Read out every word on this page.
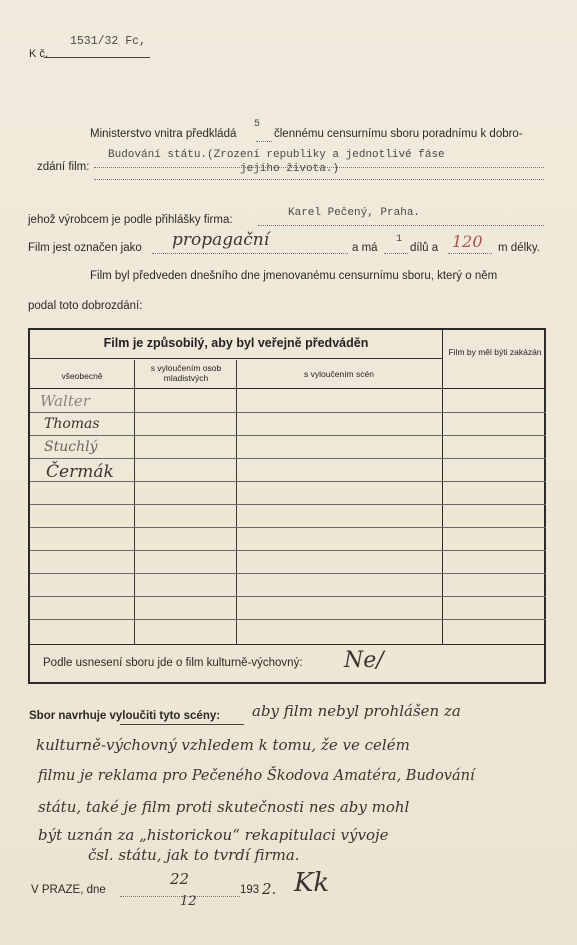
K č.
1531/32 Fc,
Ministerstvo vnitra předkládá
5
člennému censurnímu sboru poradnímu k dobro-
zdání film:
Budování státu.(Zrození republiky a jednotlivé fáse
jejího života.)
jehož výrobcem je podle přihlášky firma:
Karel Pečený, Praha.
Film jest označen jako propagační	a má
1
dílů a 120 m délky.
Film byl předveden dnešního dne jmenovanému censurnímu sboru, který o něm
podal toto dobrozdání:
Film je způsobilý, aby byl veřejně předváděn
všeobecně
s vyloučením osob mladistvých	s vyloučením scén
Film by měl býti zakázán
Walter
Thomas
Stuchlý
Čermák
Podle usnesení sboru jde o film kulturně-výchovný: Ne/
Sbor navrhuje vyloučiti tyto scény: aby film nebyl prohlášen za
kulturně-výchovný vzhledem k tomu, že ve celém
filmu je reklama pro Pečeného Škodova Amatéra, Budování
státu, také je film proti skutečnosti nes aby mohl
být uznán za „historickou“ rekapitulaci vývoje
čsl. státu, jak to tvrdí firma.
V PRAZE, dne
22
12
193 2. Kk
